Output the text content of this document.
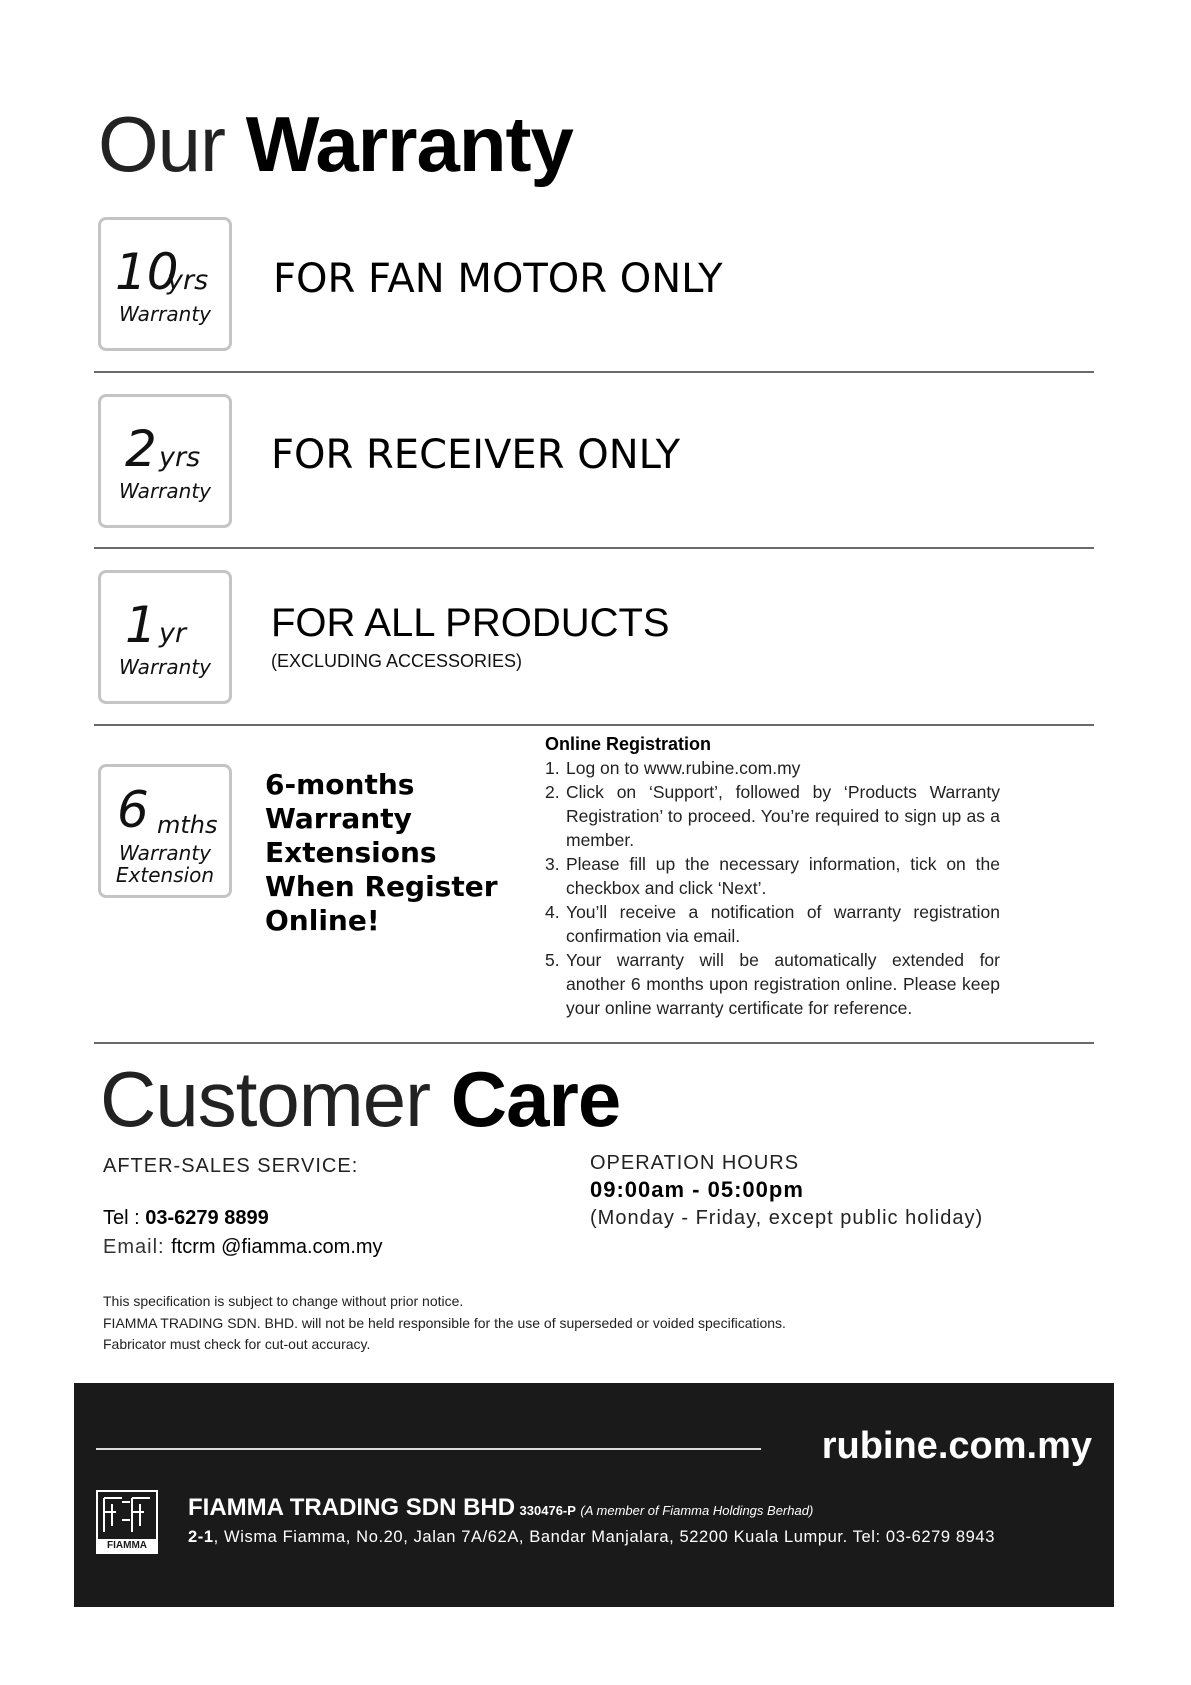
Our Warranty
10
yrs
Warranty
FOR FAN MOTOR ONLY
2 yrs
Warranty
FOR RECEIVER ONLY
1 yr
Warranty
FOR ALL PRODUCTS
(EXCLUDING ACCESSORIES)
6 mths
Warranty
Extension
6-months
Warranty
Extensions
When Register
Online!
Online Registration
1. Log on to www.rubine.com.my
2. Click on ‘Support’, followed by ‘Products Warranty Registration’ to proceed. You’re required to sign up as a member.
3. Please fill up the necessary information, tick on the checkbox and click ‘Next’.
4. You’ll receive a notification of warranty registration confirmation via email.
5. Your warranty will be automatically extended for another 6 months upon registration online. Please keep your online warranty certificate for reference.
Customer Care
AFTER-SALES SERVICE:
Tel : 03-6279 8899
Email: ftcrm @fiamma.com.my
OPERATION HOURS
09:00am - 05:00pm
(Monday - Friday, except public holiday)
This specification is subject to change without prior notice.
FIAMMA TRADING SDN. BHD. will not be held responsible for the use of superseded or voided specifications.
Fabricator must check for cut-out accuracy.
rubine.com.my
FIAMMA
FIAMMA TRADING SDN BHD 330476-P (A member of Fiamma Holdings Berhad)
2-1, Wisma Fiamma, No.20, Jalan 7A/62A, Bandar Manjalara, 52200 Kuala Lumpur. Tel: 03-6279 8943
